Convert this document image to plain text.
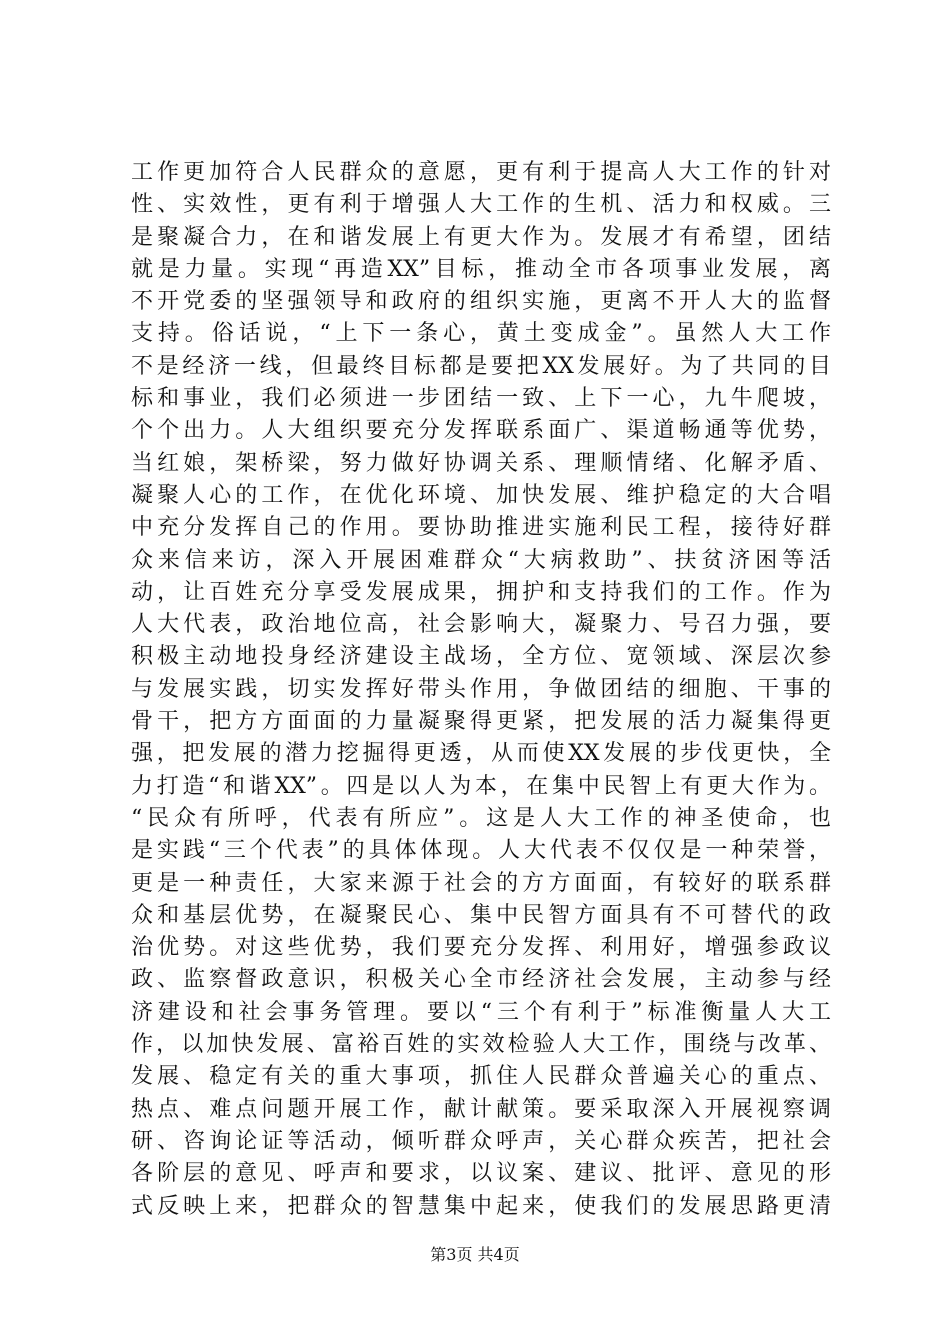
工作更加符合人民群众的意愿，更有利于提高人大工作的针对
性、实效性，更有利于增强人大工作的生机、活力和权威。三
是聚凝合力，在和谐发展上有更大作为。发展才有希望，团结
就是力量。实现“再造XX”目标，推动全市各项事业发展，离
不开党委的坚强领导和政府的组织实施，更离不开人大的监督
支持。俗话说，“上下一条心，黄土变成金”。虽然人大工作
不是经济一线，但最终目标都是要把XX发展好。为了共同的目
标和事业，我们必须进一步团结一致、上下一心，九牛爬坡，
个个出力。人大组织要充分发挥联系面广、渠道畅通等优势，
当红娘，架桥梁，努力做好协调关系、理顺情绪、化解矛盾、
凝聚人心的工作，在优化环境、加快发展、维护稳定的大合唱
中充分发挥自己的作用。要协助推进实施利民工程，接待好群
众来信来访，深入开展困难群众“大病救助”、扶贫济困等活
动，让百姓充分享受发展成果，拥护和支持我们的工作。作为
人大代表，政治地位高，社会影响大，凝聚力、号召力强，要
积极主动地投身经济建设主战场，全方位、宽领域、深层次参
与发展实践，切实发挥好带头作用，争做团结的细胞、干事的
骨干，把方方面面的力量凝聚得更紧，把发展的活力凝集得更
强，把发展的潜力挖掘得更透，从而使XX发展的步伐更快，全
力打造“和谐XX”。四是以人为本，在集中民智上有更大作为。
“民众有所呼，代表有所应”。这是人大工作的神圣使命，也
是实践“三个代表”的具体体现。人大代表不仅仅是一种荣誉，
更是一种责任，大家来源于社会的方方面面，有较好的联系群
众和基层优势，在凝聚民心、集中民智方面具有不可替代的政
治优势。对这些优势，我们要充分发挥、利用好，增强参政议
政、监察督政意识，积极关心全市经济社会发展，主动参与经
济建设和社会事务管理。要以“三个有利于”标准衡量人大工
作，以加快发展、富裕百姓的实效检验人大工作，围绕与改革、
发展、稳定有关的重大事项，抓住人民群众普遍关心的重点、
热点、难点问题开展工作，献计献策。要采取深入开展视察调
研、咨询论证等活动，倾听群众呼声，关心群众疾苦，把社会
各阶层的意见、呼声和要求，以议案、建议、批评、意见的形
式反映上来，把群众的智慧集中起来，使我们的发展思路更清
第3页 共4页
